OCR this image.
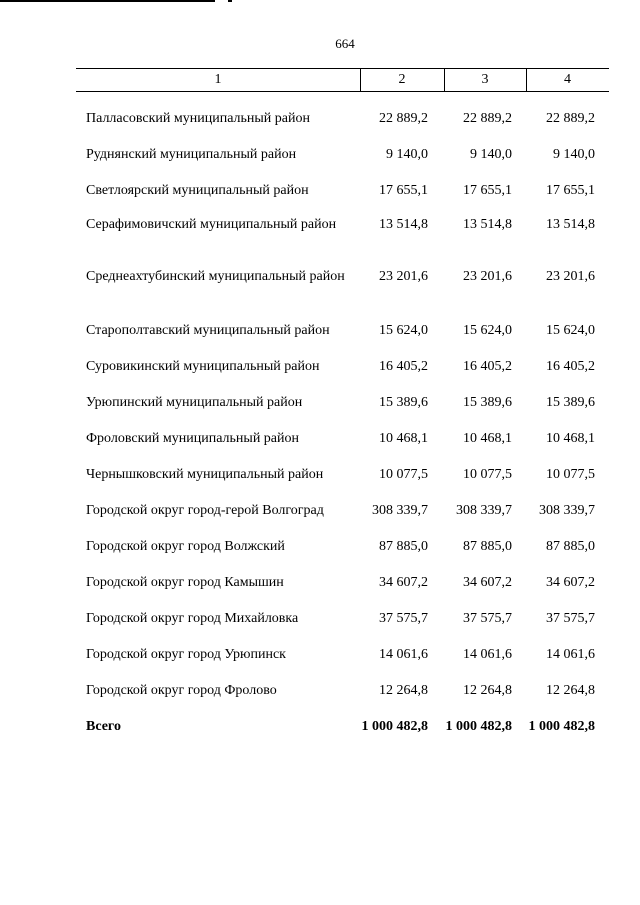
664
1	2	3	4
Палласовский муниципальный район	22 889,2	22 889,2	22 889,2
Руднянский муниципальный район	9 140,0	9 140,0	9 140,0
Светлоярский муниципальный район	17 655,1	17 655,1	17 655,1
Серафимовичский муниципальный район	13 514,8	13 514,8	13 514,8
Среднеахтубинский муниципальный район	23 201,6	23 201,6	23 201,6
Старополтавский муниципальный район	15 624,0	15 624,0	15 624,0
Суровикинский муниципальный район	16 405,2	16 405,2	16 405,2
Урюпинский муниципальный район	15 389,6	15 389,6	15 389,6
Фроловский муниципальный район	10 468,1	10 468,1	10 468,1
Чернышковский муниципальный район	10 077,5	10 077,5	10 077,5
Городской округ город-герой Волгоград	308 339,7	308 339,7	308 339,7
Городской округ город Волжский	87 885,0	87 885,0	87 885,0
Городской округ город Камышин	34 607,2	34 607,2	34 607,2
Городской округ город Михайловка	37 575,7	37 575,7	37 575,7
Городской округ город Урюпинск	14 061,6	14 061,6	14 061,6
Городской округ город Фролово	12 264,8	12 264,8	12 264,8
Всего	1 000 482,8	1 000 482,8	1 000 482,8
